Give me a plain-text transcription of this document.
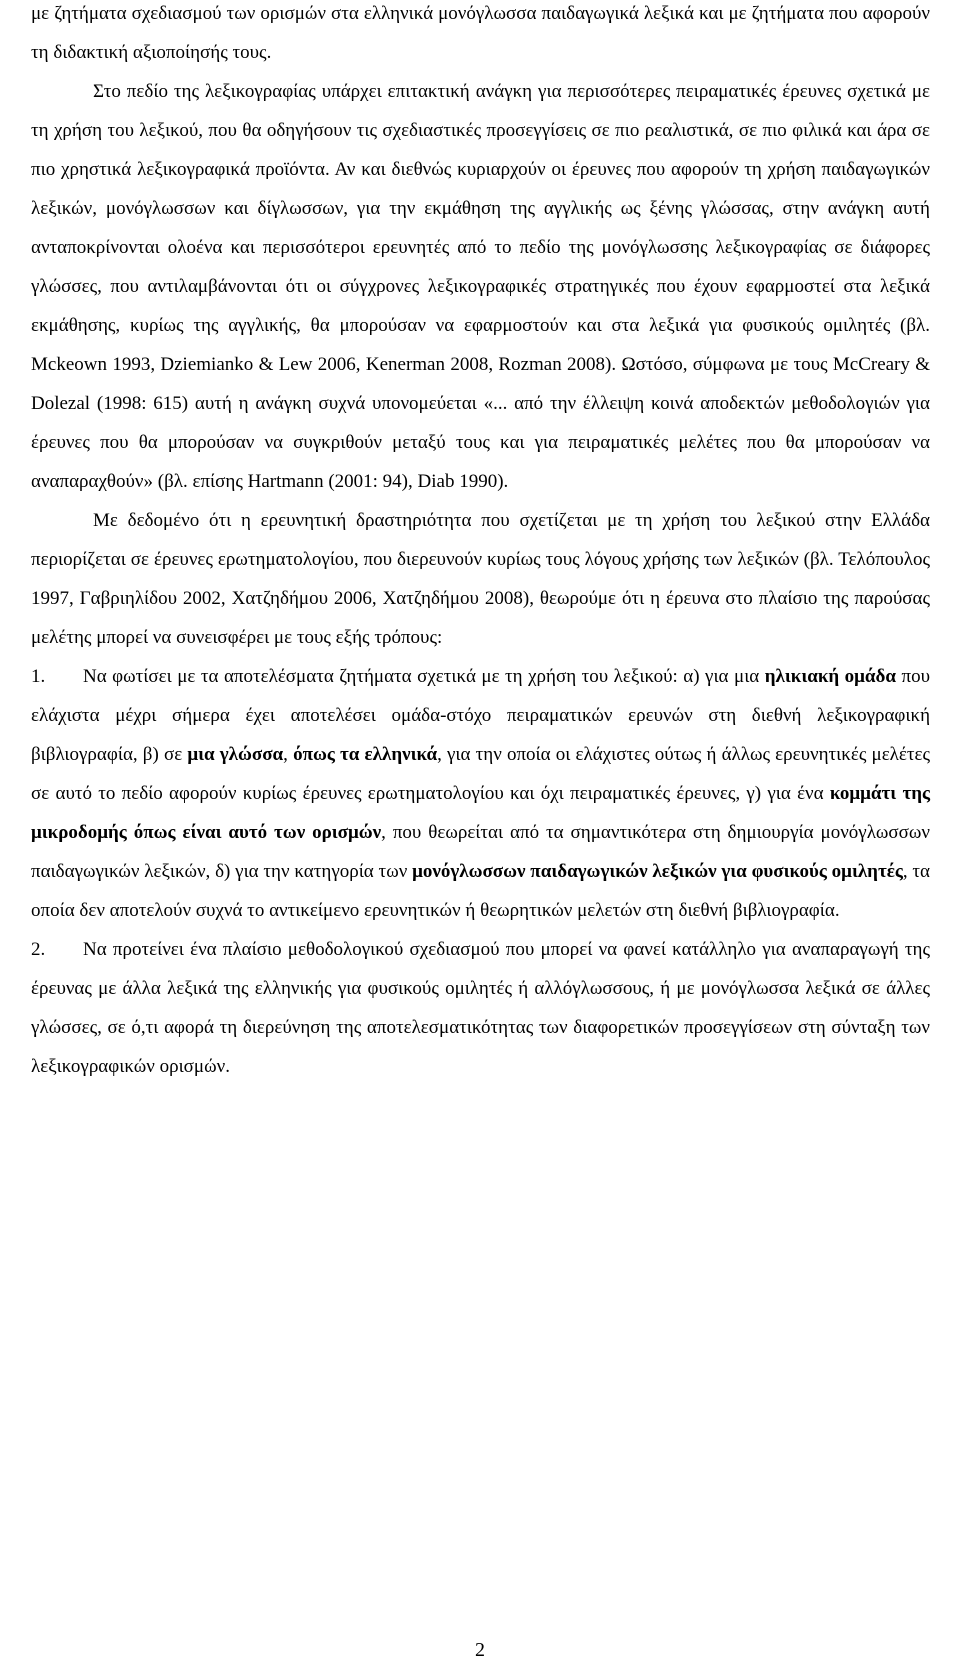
με ζητήματα σχεδιασμού των ορισμών στα ελληνικά μονόγλωσσα παιδαγωγικά λεξικά και με ζητήματα που αφορούν τη διδακτική αξιοποίησής τους.

Στο πεδίο της λεξικογραφίας υπάρχει επιτακτική ανάγκη για περισσότερες πειραματικές έρευνες σχετικά με τη χρήση του λεξικού, που θα οδηγήσουν τις σχεδιαστικές προσεγγίσεις σε πιο ρεαλιστικά, σε πιο φιλικά και άρα σε πιο χρηστικά λεξικογραφικά προϊόντα. Αν και διεθνώς κυριαρχούν οι έρευνες που αφορούν τη χρήση παιδαγωγικών λεξικών, μονόγλωσσων και δίγλωσσων, για την εκμάθηση της αγγλικής ως ξένης γλώσσας, στην ανάγκη αυτή ανταποκρίνονται ολοένα και περισσότεροι ερευνητές από το πεδίο της μονόγλωσσης λεξικογραφίας σε διάφορες γλώσσες, που αντιλαμβάνονται ότι οι σύγχρονες λεξικογραφικές στρατηγικές που έχουν εφαρμοστεί στα λεξικά εκμάθησης, κυρίως της αγγλικής, θα μπορούσαν να εφαρμοστούν και στα λεξικά για φυσικούς ομιλητές (βλ. Mckeown 1993, Dziemianko & Lew 2006, Kenerman 2008, Rozman 2008). Ωστόσο, σύμφωνα με τους McCreary & Dolezal (1998: 615) αυτή η ανάγκη συχνά υπονομεύεται «... από την έλλειψη κοινά αποδεκτών μεθοδολογιών για έρευνες που θα μπορούσαν να συγκριθούν μεταξύ τους και για πειραματικές μελέτες που θα μπορούσαν να αναπαραχθούν» (βλ. επίσης Hartmann (2001: 94), Diab 1990).

Με δεδομένο ότι η ερευνητική δραστηριότητα που σχετίζεται με τη χρήση του λεξικού στην Ελλάδα περιορίζεται σε έρευνες ερωτηματολογίου, που διερευνούν κυρίως τους λόγους χρήσης των λεξικών (βλ. Τελόπουλος 1997, Γαβριηλίδου 2002, Χατζηδήμου 2006, Χατζηδήμου 2008), θεωρούμε ότι η έρευνα στο πλαίσιο της παρούσας μελέτης μπορεί να συνεισφέρει με τους εξής τρόπους:

1. Να φωτίσει με τα αποτελέσματα ζητήματα σχετικά με τη χρήση του λεξικού: α) για μια ηλικιακή ομάδα που ελάχιστα μέχρι σήμερα έχει αποτελέσει ομάδα-στόχο πειραματικών ερευνών στη διεθνή λεξικογραφική βιβλιογραφία, β) σε μια γλώσσα, όπως τα ελληνικά, για την οποία οι ελάχιστες ούτως ή άλλως ερευνητικές μελέτες σε αυτό το πεδίο αφορούν κυρίως έρευνες ερωτηματολογίου και όχι πειραματικές έρευνες, γ) για ένα κομμάτι της μικροδομής όπως είναι αυτό των ορισμών, που θεωρείται από τα σημαντικότερα στη δημιουργία μονόγλωσσων παιδαγωγικών λεξικών, δ) για την κατηγορία των μονόγλωσσων παιδαγωγικών λεξικών για φυσικούς ομιλητές, τα οποία δεν αποτελούν συχνά το αντικείμενο ερευνητικών ή θεωρητικών μελετών στη διεθνή βιβλιογραφία.
2. Να προτείνει ένα πλαίσιο μεθοδολογικού σχεδιασμού που μπορεί να φανεί κατάλληλο για αναπαραγωγή της έρευνας με άλλα λεξικά της ελληνικής για φυσικούς ομιλητές ή αλλόγλωσσους, ή με μονόγλωσσα λεξικά σε άλλες γλώσσες, σε ό,τι αφορά τη διερεύνηση της αποτελεσματικότητας των διαφορετικών προσεγγίσεων στη σύνταξη των λεξικογραφικών ορισμών.
2
